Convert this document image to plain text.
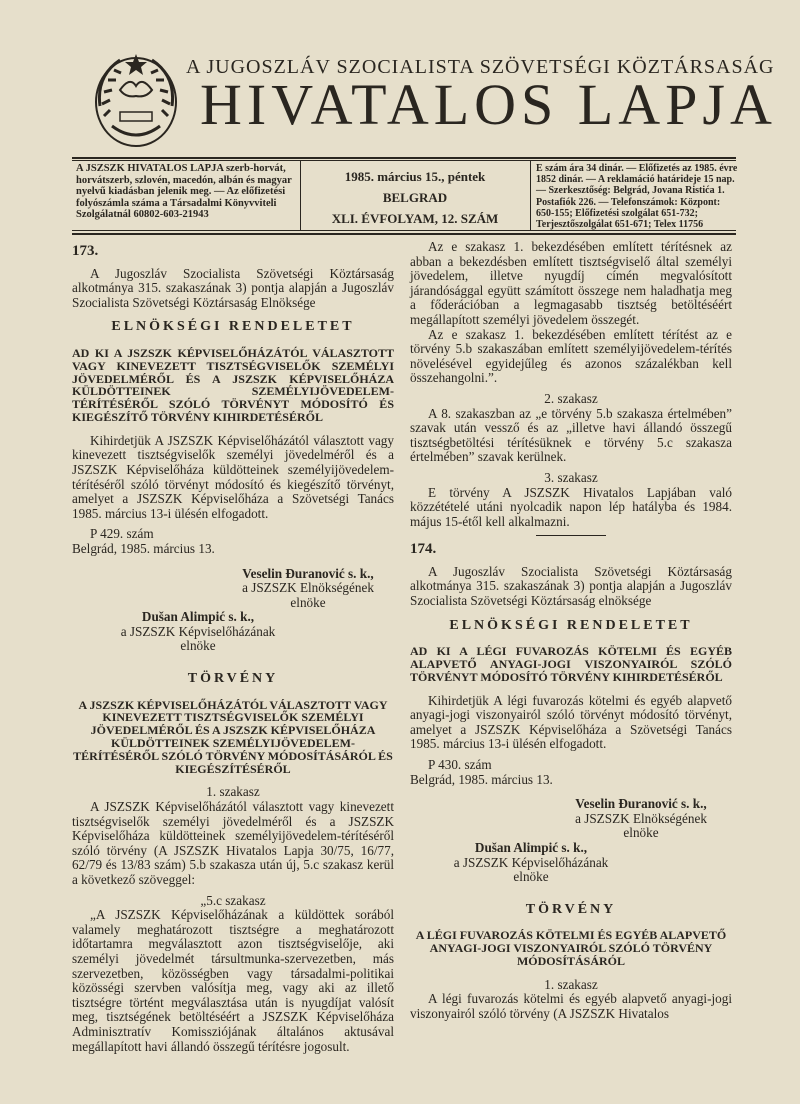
A JUGOSZLÁV SZOCIALISTA SZÖVETSÉGI KÖZTÁRSASÁG
HIVATALOS LAPJA
A JSZSZK HIVATALOS LAPJA szerb-horvát, horvátszerb, szlovén, macedón, albán és magyar nyelvű kiadásban jelenik meg. — Az előfizetési folyószámla száma a Társadalmi Könyvviteli Szolgálatnál 60802-603-21943
1985. március 15., péntek
BELGRAD
XLI. ÉVFOLYAM, 12. SZÁM
E szám ára 34 dinár. — Előfizetés az 1985. évre 1852 dinár. — A reklamáció határideje 15 nap. — Szerkesztőség: Belgrád, Jovana Ristića 1. Postafiók 226. — Telefonszámok: Központ: 650-155; Előfizetési szolgálat 651-732; Terjesztőszolgálat 651-671; Telex 11756
173.

A Jugoszláv Szocialista Szövetségi Köztársaság alkotmánya 315. szakaszának 3) pontja alapján a Jugoszláv Szocialista Szövetségi Köztársaság Elnöksége

ELNÖKSÉGI RENDELETET
AD KI A JSZSZK KÉPVISELŐHÁZÁTÓL VÁLASZTOTT VAGY KINEVEZETT TISZTSÉGVISELŐK SZEMÉLYI JÖVEDELMÉRŐL ÉS A JSZSZK KÉPVISELŐHÁZA KÜLDÖTTEINEK SZEMÉLYIJÖVEDELEM-TÉRÍTÉSÉRŐL SZÓLÓ TÖRVÉNYT MÓDOSÍTÓ ÉS KIEGÉSZÍTŐ TÖRVÉNY KIHIRDETÉSÉRŐL

Kihirdetjük A JSZSZK Képviselőházától választott vagy kinevezett tisztségviselők személyi jövedelméről és a JSZSZK Képviselőháza küldötteinek személyijövedelem-térítéséről szóló törvényt módosító és kiegészítő törvényt, amelyet a JSZSZK Képviselőháza a Szövetségi Tanács 1985. március 13-i ülésén elfogadott.

P 429. szám

Belgrád, 1985. március 13.

Veselin Đuranović s. k.,

a JSZSZK Elnökségének

elnöke

Dušan Alimpić s. k.,

a JSZSZK Képviselőházának

elnöke

TÖRVÉNY
A JSZSZK KÉPVISELŐHÁZÁTÓL VÁLASZTOTT VAGY KINEVEZETT TISZTSÉGVISELŐK SZEMÉLYI JÖVEDELMÉRŐL ÉS A JSZSZK KÉPVISELŐHÁZA KÜLDÖTTEINEK SZEMÉLYIJÖVEDELEM-TÉRÍTÉSÉRŐL SZÓLÓ TÖRVÉNY MÓDOSÍTÁSÁRÓL ÉS KIEGÉSZÍTÉSÉRŐL
1. szakasz

A JSZSZK Képviselőházától választott vagy kinevezett tisztségviselők személyi jövedelméről és a JSZSZK Képviselőháza küldötteinek személyijövedelem-térítéséről szóló törvény (A JSZSZK Hivatalos Lapja 30/75, 16/77, 62/79 és 13/83 szám) 5.b szakasza után új, 5.c szakasz kerül a következő szöveggel:

„5.c szakasz

„A JSZSZK Képviselőházának a küldöttek sorából valamely meghatározott tisztségre a meghatározott időtartamra megválasztott azon tisztségviselője, aki személyi jövedelmét társultmunka-szervezetben, más szervezetben, közösségben vagy társadalmi-politikai közösségi szervben valósítja meg, vagy aki az illető tisztségre történt megválasztása után is nyugdíjat valósít meg, tisztségének betöltéséért a JSZSZK Képviselőháza Adminisztratív Komissziójának általános aktusával megállapított havi állandó összegű térítésre jogosult.

Az e szakasz 1. bekezdésében említett térítésnek az abban a bekezdésben említett tisztségviselő által személyi jövedelem, illetve nyugdíj címén megvalósított járandósággal együtt számított összege nem haladhatja meg a főderációban a legmagasabb tisztség betöltéséért megállapított személyi jövedelem összegét.

Az e szakasz 1. bekezdésében említett térítést az e törvény 5.b szakaszában említett személyijövedelem-térítés növelésével egyidejűleg és azonos százalékban kell összehangolni.”.

2. szakasz

A 8. szakaszban az „e törvény 5.b szakasza értelmében” szavak után vessző és az „illetve havi állandó összegű tisztségbetöltési térítésüknek e törvény 5.c szakasza értelmében” szavak kerülnek.

3. szakasz

E törvény A JSZSZK Hivatalos Lapjában való közzétételé utáni nyolcadik napon lép hatályba és 1984. május 15-étől kell alkalmazni.

174.

A Jugoszláv Szocialista Szövetségi Köztársaság alkotmánya 315. szakaszának 3) pontja alapján a Jugoszláv Szocialista Szövetségi Köztársaság elnöksége

ELNÖKSÉGI RENDELETET
AD KI A LÉGI FUVAROZÁS KÖTELMI ÉS EGYÉB ALAPVETŐ ANYAGI-JOGI VISZONYAIRÓL SZÓLÓ TÖRVÉNYT MÓDOSÍTÓ TÖRVÉNY KIHIRDETÉSÉRŐL

Kihirdetjük A légi fuvarozás kötelmi és egyéb alapvető anyagi-jogi viszonyairól szóló törvényt módosító törvényt, amelyet a JSZSZK Képviselőháza a Szövetségi Tanács 1985. március 13-i ülésén elfogadott.

P 430. szám

Belgrád, 1985. március 13.

Veselin Đuranović s. k.,

a JSZSZK Elnökségének

elnöke

Dušan Alimpić s. k.,

a JSZSZK Képviselőházának

elnöke

TÖRVÉNY
A LÉGI FUVAROZÁS KÖTELMI ÉS EGYÉB ALAPVETŐ ANYAGI-JOGI VISZONYAIRÓL SZÓLÓ TÖRVÉNY MÓDOSÍTÁSÁRÓL
1. szakasz

A légi fuvarozás kötelmi és egyéb alapvető anyagi-jogi viszonyairól szóló törvény (A JSZSZK Hivatalos
